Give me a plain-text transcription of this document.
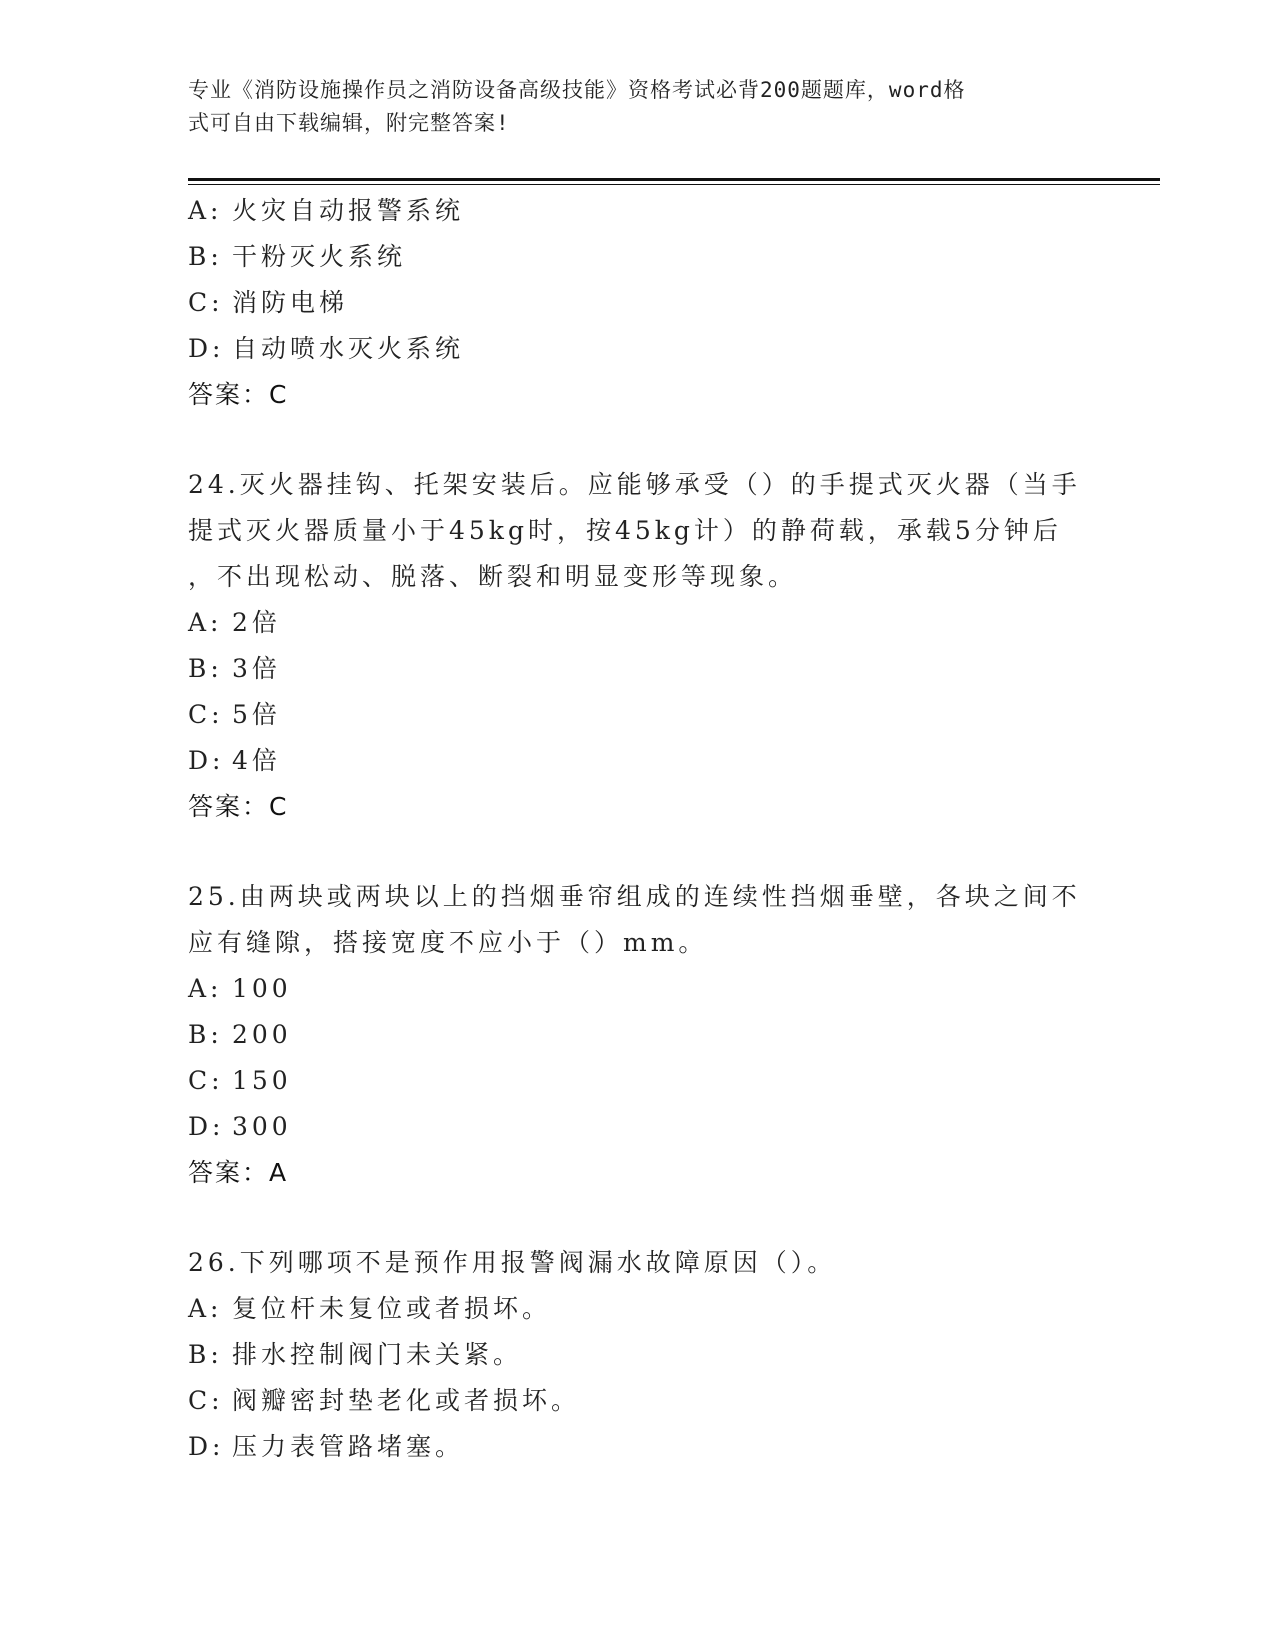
专业《消防设施操作员之消防设备高级技能》资格考试必背200题题库，word格
式可自由下载编辑，附完整答案!
A: 火灾自动报警系统
B: 干粉灭火系统
C: 消防电梯
D: 自动喷水灭火系统
答案：C
24.灭火器挂钩、托架安装后。应能够承受（）的手提式灭火器（当手
提式灭火器质量小于45kg时，按45kg计）的静荷载，承载5分钟后
，不出现松动、脱落、断裂和明显变形等现象。
A: 2倍
B: 3倍
C: 5倍
D: 4倍
答案：C
25.由两块或两块以上的挡烟垂帘组成的连续性挡烟垂壁，各块之间不
应有缝隙，搭接宽度不应小于（）mm。
A: 100
B: 200
C: 150
D: 300
答案：A
26.下列哪项不是预作用报警阀漏水故障原因（）。
A: 复位杆未复位或者损坏。
B: 排水控制阀门未关紧。
C: 阀瓣密封垫老化或者损坏。
D: 压力表管路堵塞。
